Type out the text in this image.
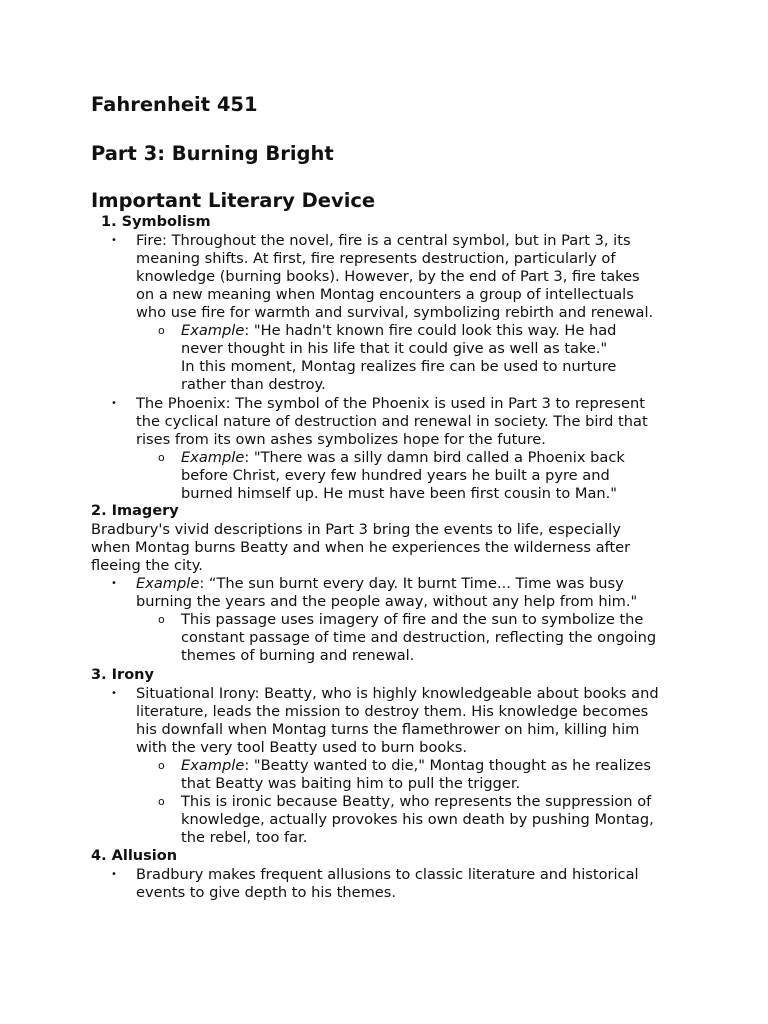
Fahrenheit 451
Part 3: Burning Bright
Important Literary Device
1. Symbolism
• Fire: Throughout the novel, fire is a central symbol, but in Part 3, its
meaning shifts. At first, fire represents destruction, particularly of
knowledge (burning books). However, by the end of Part 3, fire takes
on a new meaning when Montag encounters a group of intellectuals
who use fire for warmth and survival, symbolizing rebirth and renewal.
o Example: "He hadn't known fire could look this way. He had
never thought in his life that it could give as well as take."
In this moment, Montag realizes fire can be used to nurture
rather than destroy.
• The Phoenix: The symbol of the Phoenix is used in Part 3 to represent
the cyclical nature of destruction and renewal in society. The bird that
rises from its own ashes symbolizes hope for the future.
o Example: "There was a silly damn bird called a Phoenix back
before Christ, every few hundred years he built a pyre and
burned himself up. He must have been first cousin to Man."
2. Imagery
Bradbury's vivid descriptions in Part 3 bring the events to life, especially
when Montag burns Beatty and when he experiences the wilderness after
fleeing the city.
• Example: “The sun burnt every day. It burnt Time... Time was busy
burning the years and the people away, without any help from him."
o This passage uses imagery of fire and the sun to symbolize the
constant passage of time and destruction, reflecting the ongoing
themes of burning and renewal.
3. Irony
• Situational Irony: Beatty, who is highly knowledgeable about books and
literature, leads the mission to destroy them. His knowledge becomes
his downfall when Montag turns the flamethrower on him, killing him
with the very tool Beatty used to burn books.
o Example: "Beatty wanted to die," Montag thought as he realizes
that Beatty was baiting him to pull the trigger.
o This is ironic because Beatty, who represents the suppression of
knowledge, actually provokes his own death by pushing Montag,
the rebel, too far.
4. Allusion
• Bradbury makes frequent allusions to classic literature and historical
events to give depth to his themes.
